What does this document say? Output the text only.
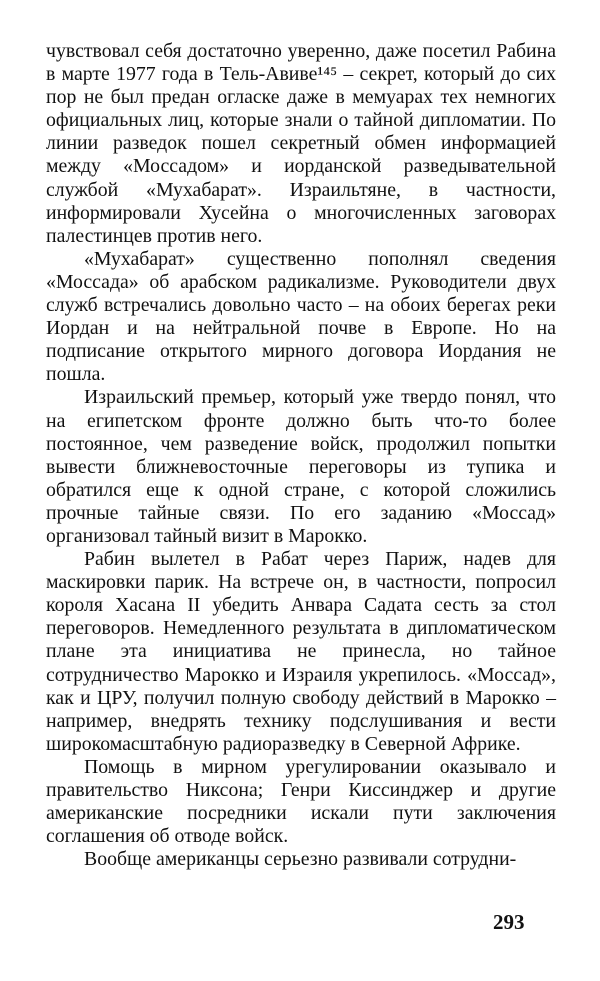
чувствовал себя достаточно уверенно, даже посетил Рабина в марте 1977 года в Тель-Авиве¹⁴⁵ – секрет, который до сих пор не был предан огласке даже в мемуарах тех немногих официальных лиц, которые знали о тайной дипломатии. По линии разведок пошел секретный обмен информацией между «Моссадом» и иорданской разведывательной службой «Мухабарат». Израильтяне, в частности, информировали Хусейна о многочисленных заговорах палестинцев против него.

«Мухабарат» существенно пополнял сведения «Моссада» об арабском радикализме. Руководители двух служб встречались довольно часто – на обоих берегах реки Иордан и на нейтральной почве в Европе. Но на подписание открытого мирного договора Иордания не пошла.

Израильский премьер, который уже твердо понял, что на египетском фронте должно быть что-то более постоянное, чем разведение войск, продолжил попытки вывести ближневосточные переговоры из тупика и обратился еще к одной стране, с которой сложились прочные тайные связи. По его заданию «Моссад» организовал тайный визит в Марокко.

Рабин вылетел в Рабат через Париж, надев для маскировки парик. На встрече он, в частности, попросил короля Хасана II убедить Анвара Садата сесть за стол переговоров. Немедленного результата в дипломатическом плане эта инициатива не принесла, но тайное сотрудничество Марокко и Израиля укрепилось. «Моссад», как и ЦРУ, получил полную свободу действий в Марокко – например, внедрять технику подслушивания и вести широкомасштабную радиоразведку в Северной Африке.

Помощь в мирном урегулировании оказывало и правительство Никсона; Генри Киссинджер и другие американские посредники искали пути заключения соглашения об отводе войск.

Вообще американцы серьезно развивали сотрудни-

293
